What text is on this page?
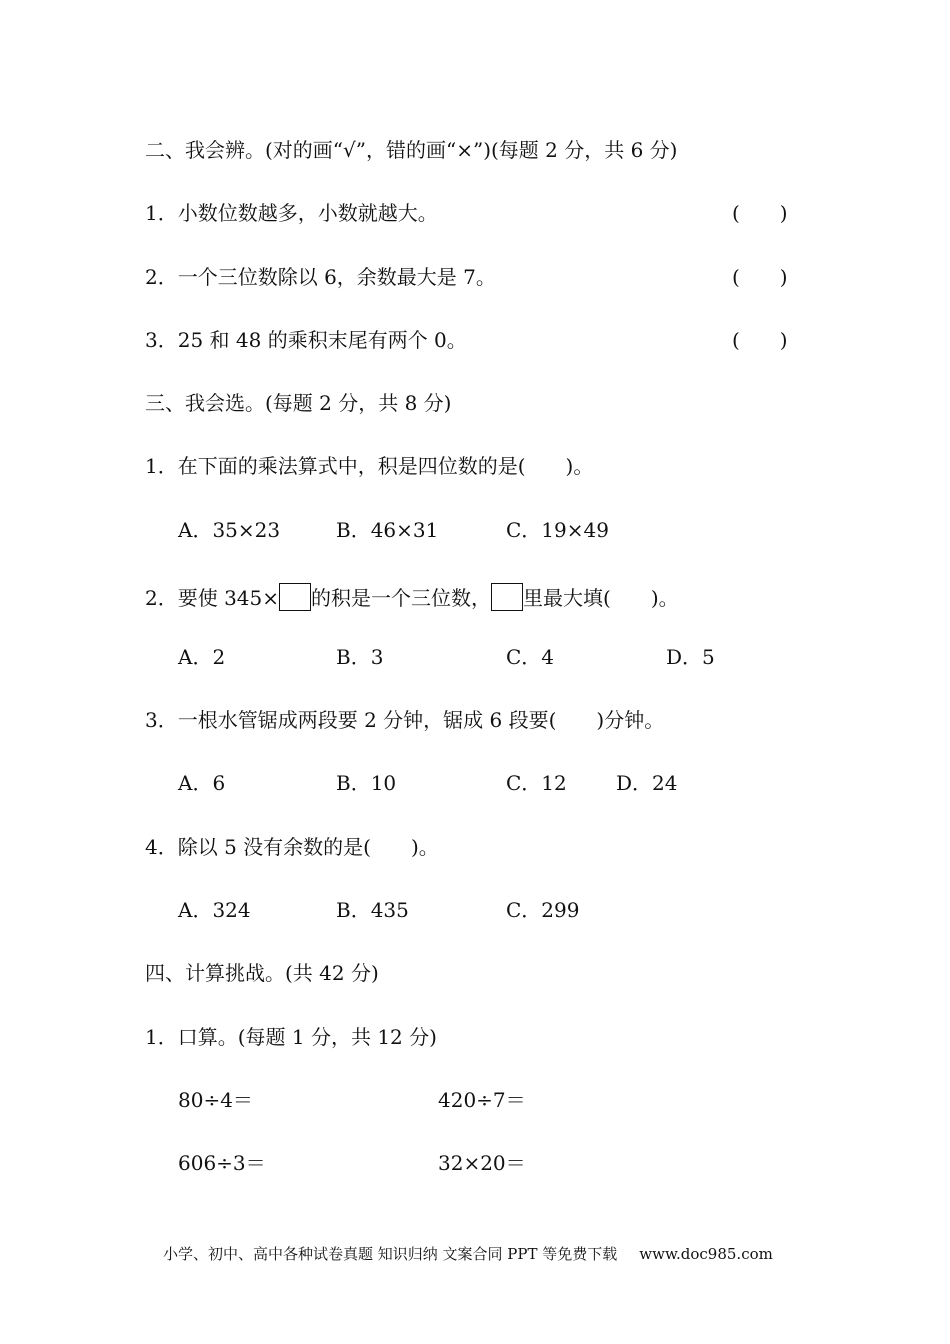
二、我会辨。(对的画“√”，错的画“×”)(每题 2 分，共 6 分)
1．小数位数越多，小数就越大。	(　　)
2．一个三位数除以 6，余数最大是 7。	(　　)
3．25 和 48 的乘积末尾有两个 0。	(　　)
三、我会选。(每题 2 分，共 8 分)
1．在下面的乘法算式中，积是四位数的是(　　)。
A．35×23	B．46×31	C．19×49
2．要使 345× 的积是一个三位数， 里最大填(　　)。
A．2	B．3	C．4	D．5
3．一根水管锯成两段要 2 分钟，锯成 6 段要(　　)分钟。
A．6	B．10	C．12 D．24
4．除以 5 没有余数的是(　　)。
A．324	B．435	C．299
四、计算挑战。(共 42 分)
1．口算。(每题 1 分，共 12 分)
80÷4＝	420÷7＝
606÷3＝	32×20＝
小学、初中、高中各种试卷真题 知识归纳 文案合同 PPT 等免费下载 www.doc985.com
